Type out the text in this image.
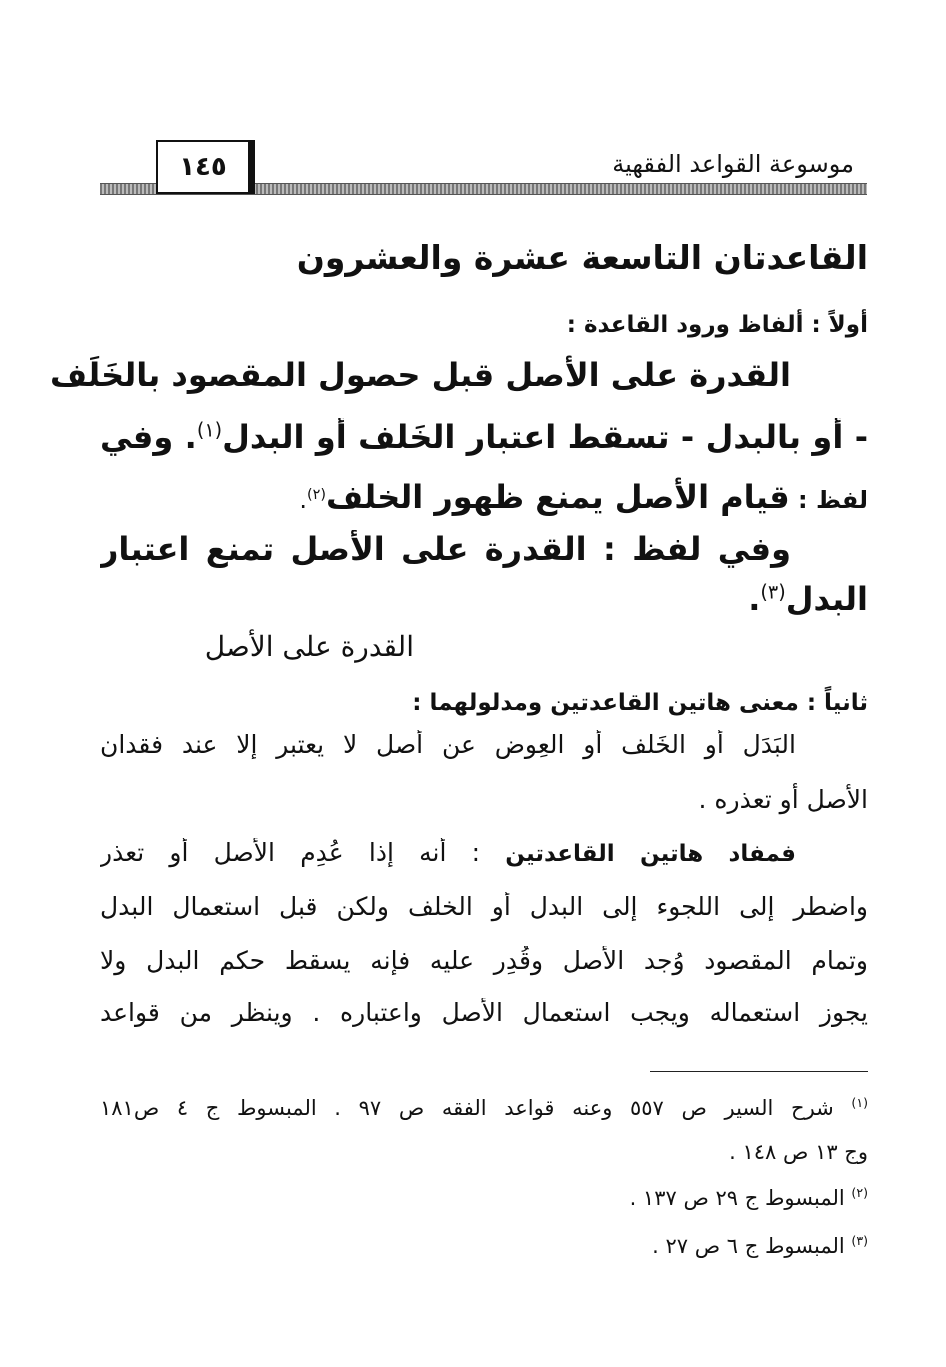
موسوعة القواعد الفقهية
١٤٥
القاعدتان التاسعة عشرة والعشرون
أولاً : ألفاظ ورود القاعدة :
القدرة على الأصل قبل حصول المقصود بالخَلَف
- أو بالبدل - تسقط اعتبار الخَلف أو البدل$^{(١)}$. وفي
لفظ : قيام الأصل يمنع ظهور الخلف$^{(٢)}$.
وفي لفظ : القدرة على الأصل تمنع اعتبار
البدل$^{(٣)}$.
القدرة على الأصل
ثانياً : معنى هاتين القاعدتين ومدلولهما :
البَدَل أو الخَلف أو العِوض عن أصل لا يعتبر إلا عند فقدان
الأصل أو تعذره .
فمفاد هاتين القاعدتين : أنه إذا عُدِم الأصل أو تعذر
واضطر إلى اللجوء إلى البدل أو الخلف ولكن قبل استعمال البدل
وتمام المقصود وُجد الأصل وقُدِر عليه فإنه يسقط حكم البدل ولا
يجوز استعماله ويجب استعمال الأصل واعتباره . وينظر من قواعد
$^{(١)}$ شرح السير ص ٥٥٧ وعنه قواعد الفقه ص ٩٧ . المبسوط ج ٤ ص١٨١
وج ١٣ ص ١٤٨ .
$^{(٢)}$ المبسوط ج ٢٩ ص ١٣٧ .
$^{(٣)}$ المبسوط ج ٦ ص ٢٧ .
